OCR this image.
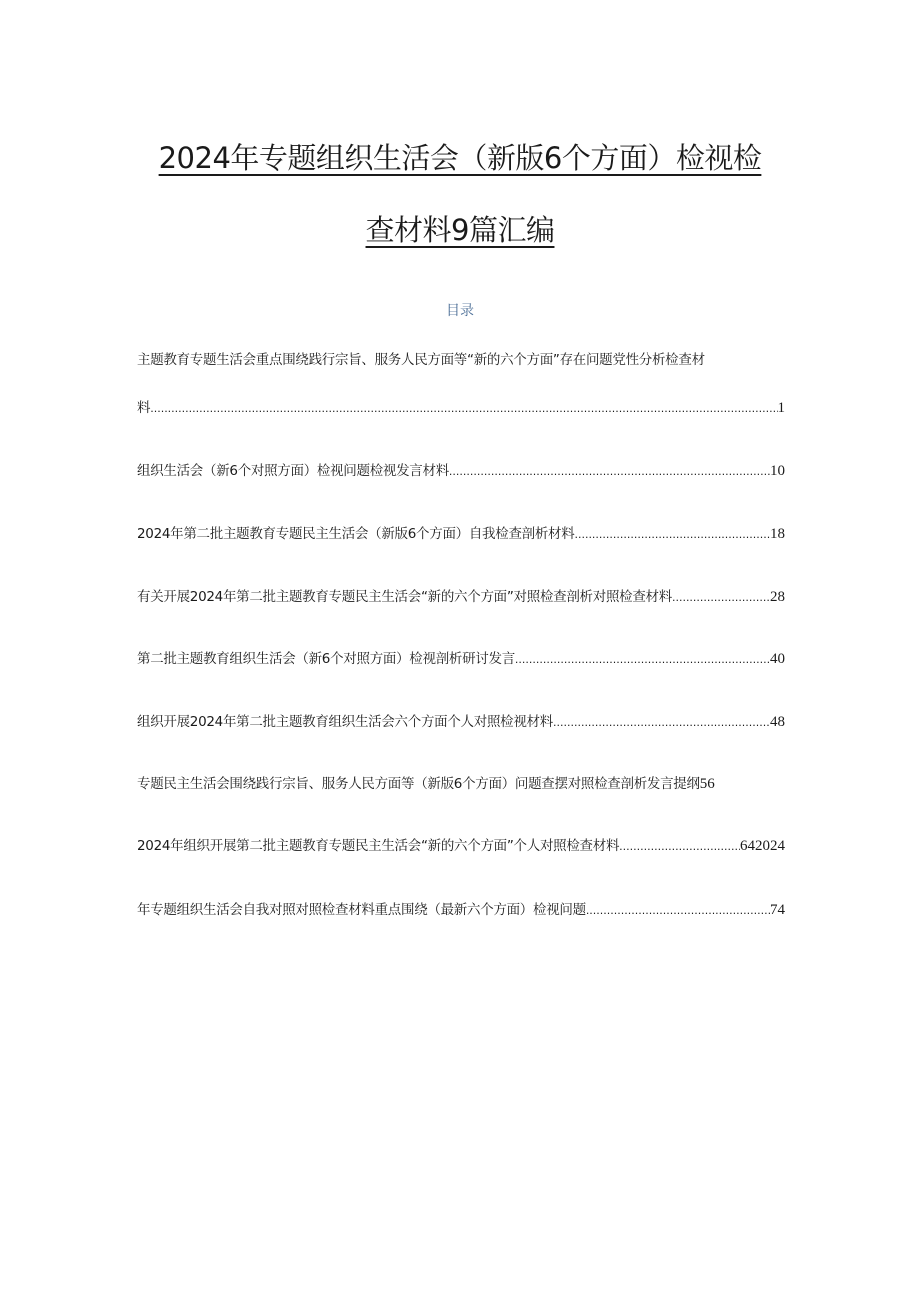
2024年专题组织生活会（新版6个方面）检视检
查材料9篇汇编
目录
主题教育专题生活会重点围绕践行宗旨、服务人民方面等“新的六个方面”存在问题党性分析检查材
料 .....	1
组织生活会（新6个对照方面）检视问题检视发言材料 .....	10
2024年第二批主题教育专题民主生活会（新版6个方面）自我检查剖析材料 .....	18
有关开展2024年第二批主题教育专题民主生活会“新的六个方面”对照检查剖析对照检查材料 .....	28
第二批主题教育组织生活会（新6个对照方面）检视剖析研讨发言 .....	40
组织开展2024年第二批主题教育组织生活会六个方面个人对照检视材料 .....	48
专题民主生活会围绕践行宗旨、服务人民方面等（新版6个方面）问题查摆对照检查剖析发言提纲 56
2024年组织开展第二批主题教育专题民主生活会“新的六个方面”个人对照检查材料 .....	642024
年专题组织生活会自我对照对照检查材料重点围绕（最新六个方面）检视问题 .....	74
